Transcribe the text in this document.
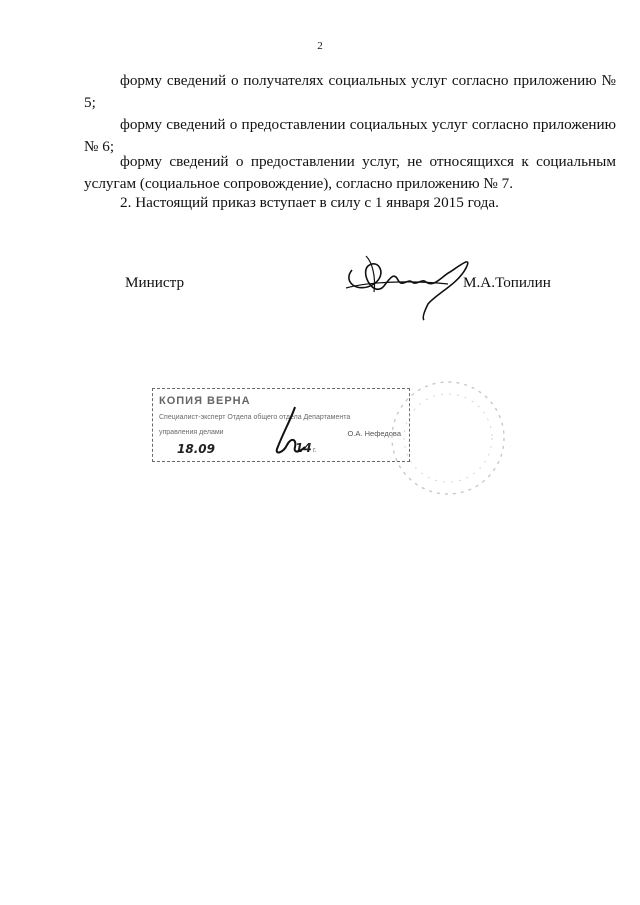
2

форму сведений о получателях социальных услуг согласно приложению № 5;

форму сведений о предоставлении социальных услуг согласно приложению № 6;

форму сведений о предоставлении услуг, не относящихся к социальным услугам (социальное сопровождение), согласно приложению № 7.

2. Настоящий приказ вступает в силу с 1 января 2015 года.

Министр	М.А.Топилин
КОПИЯ ВЕРНА
Специалист-эксперт Отдела общего отдела Департамента
управления делами	О.А. Нефедова
18.09	14 г.
